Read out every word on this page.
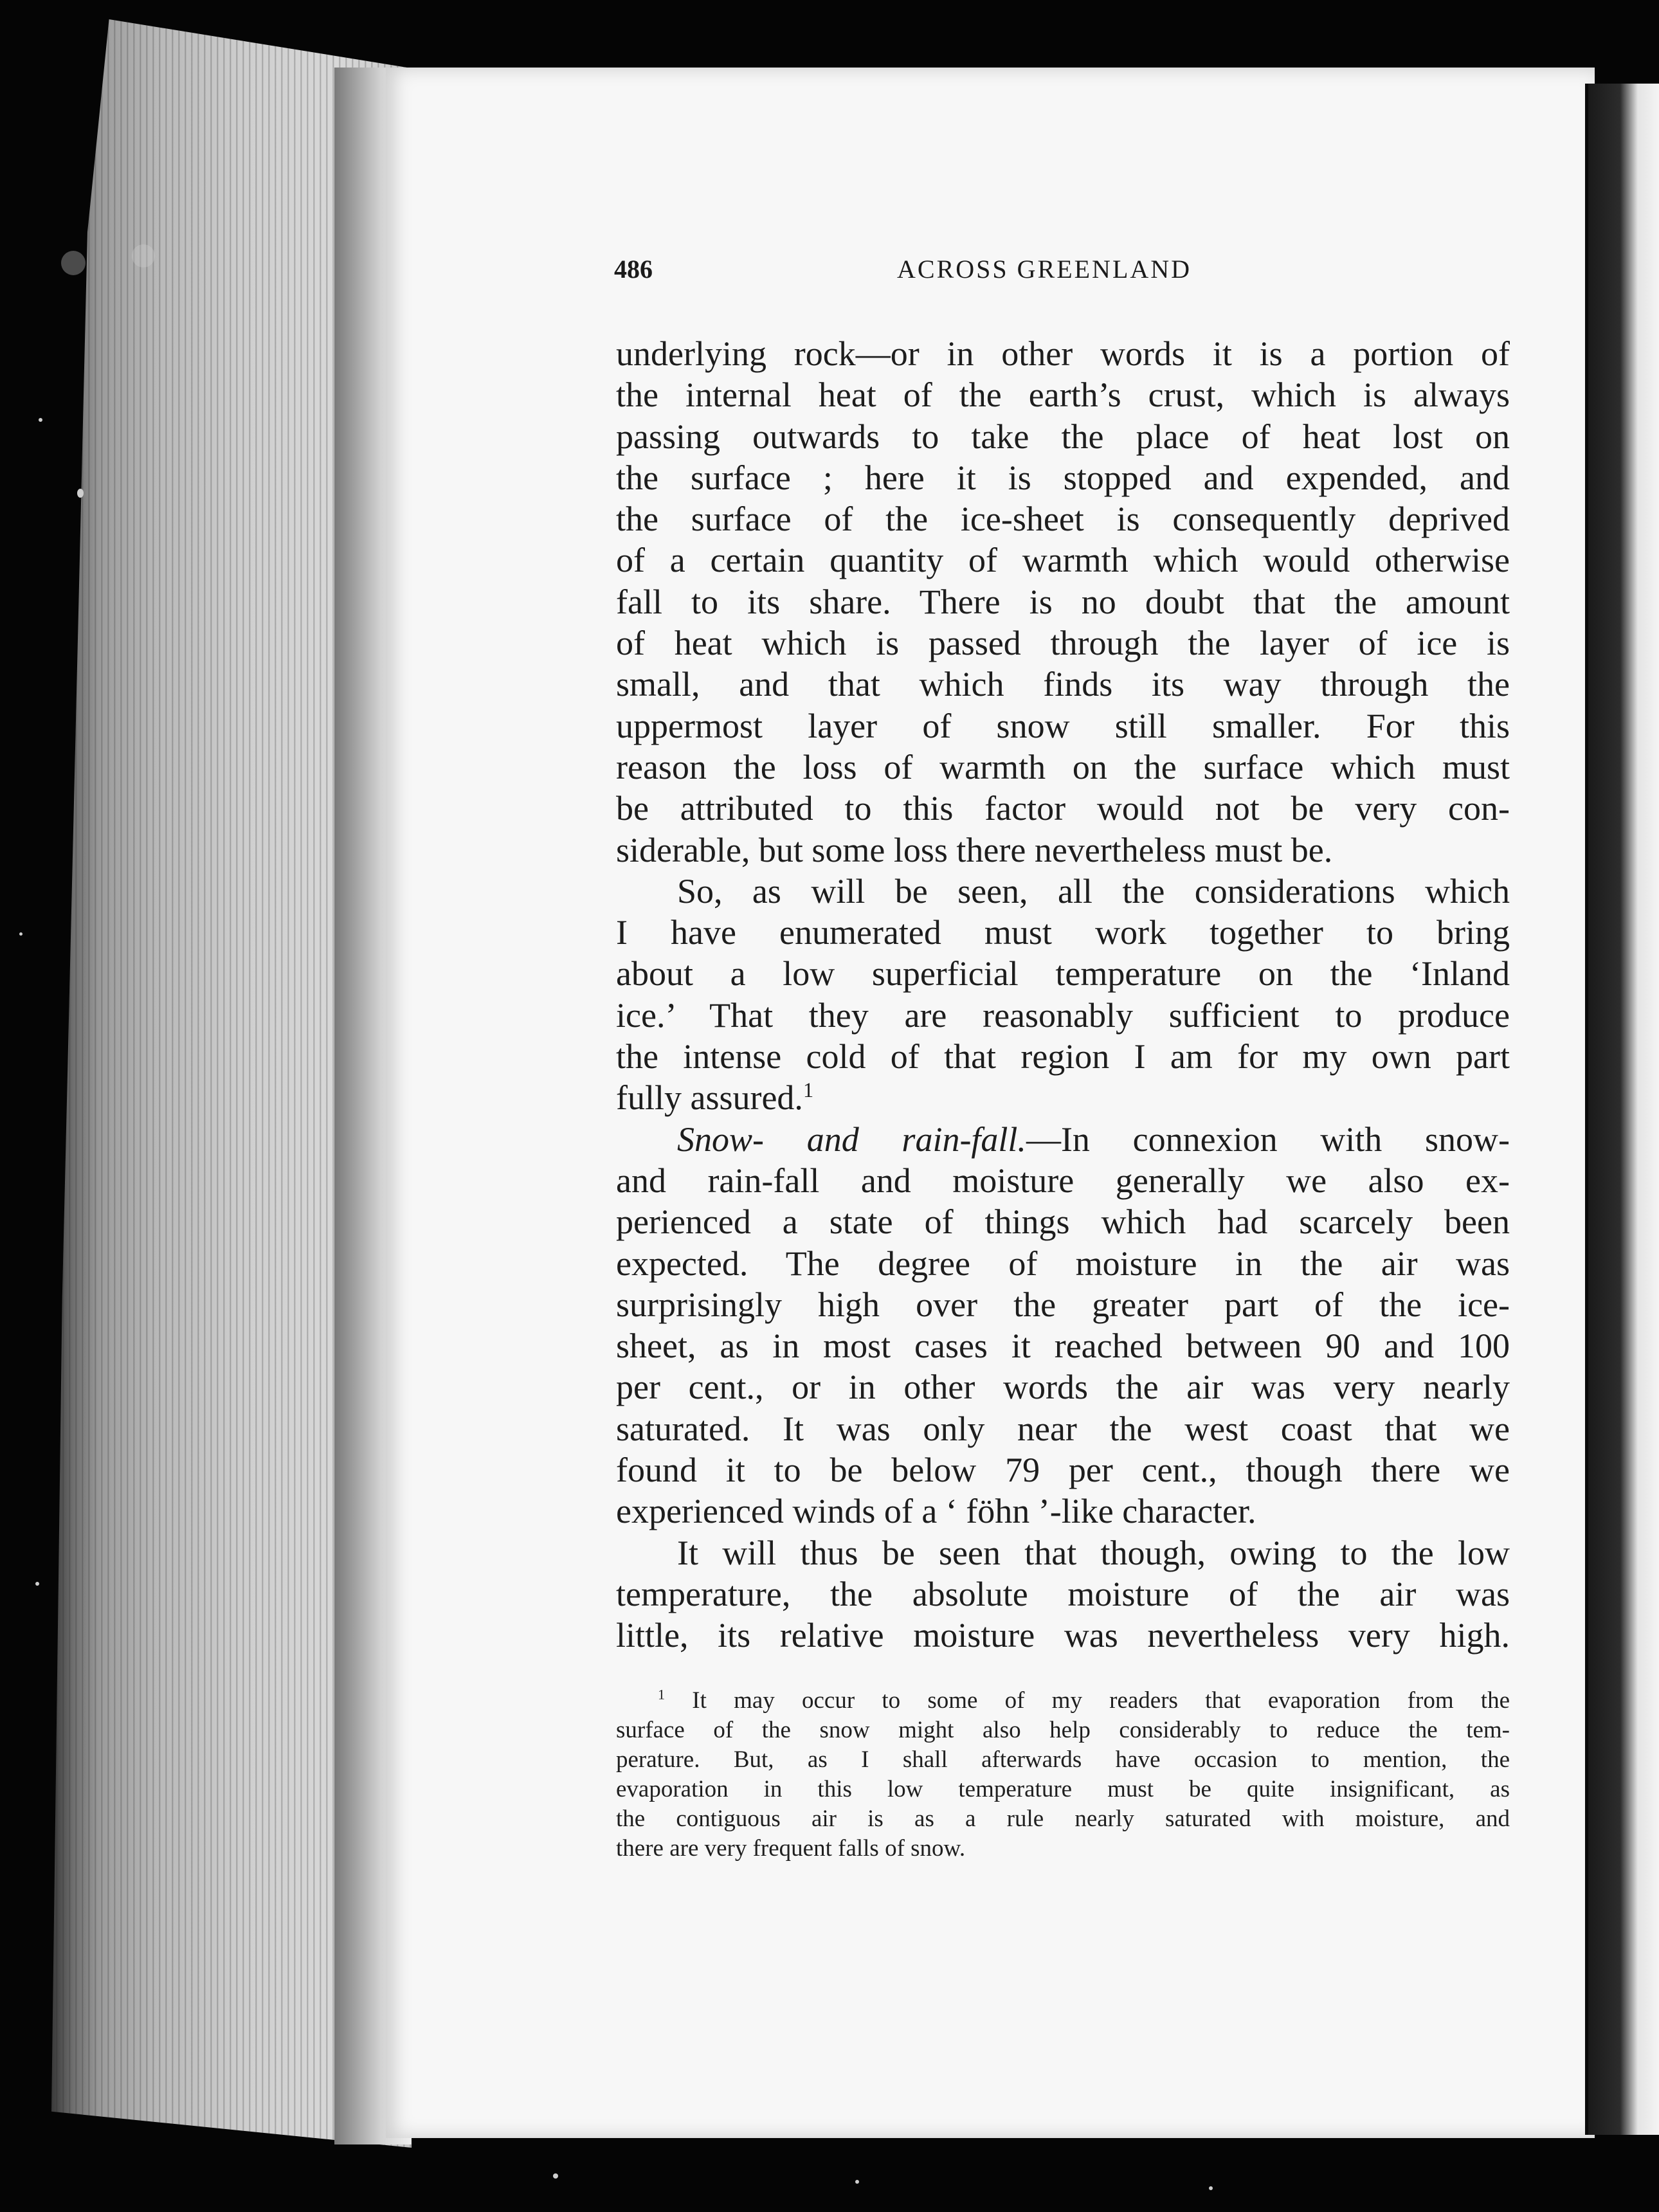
486	ACROSS GREENLAND
underlying rock—or in other words it is a portion of
the internal heat of the earth’s crust, which is always
passing outwards to take the place of heat lost on
the surface ; here it is stopped and expended, and
the surface of the ice-sheet is consequently deprived
of a certain quantity of warmth which would otherwise
fall to its share. There is no doubt that the amount
of heat which is passed through the layer of ice is
small, and that which finds its way through the
uppermost layer of snow still smaller. For this
reason the loss of warmth on the surface which must
be attributed to this factor would not be very con-
siderable, but some loss there nevertheless must be.
So, as will be seen, all the considerations which
I have enumerated must work together to bring
about a low superficial temperature on the ‘Inland
ice.’ That they are reasonably sufficient to produce
the intense cold of that region I am for my own part
fully assured.$^1$
Snow- and rain-fall.—In connexion with snow-
and rain-fall and moisture generally we also ex-
perienced a state of things which had scarcely been
expected. The degree of moisture in the air was
surprisingly high over the greater part of the ice-
sheet, as in most cases it reached between 90 and 100
per cent., or in other words the air was very nearly
saturated. It was only near the west coast that we
found it to be below 79 per cent., though there we
experienced winds of a ‘ föhn ’-like character.
It will thus be seen that though, owing to the low
temperature, the absolute moisture of the air was
little, its relative moisture was nevertheless very high.
$^1$ It may occur to some of my readers that evaporation from the
surface of the snow might also help considerably to reduce the tem-
perature. But, as I shall afterwards have occasion to mention, the
evaporation in this low temperature must be quite insignificant, as
the contiguous air is as a rule nearly saturated with moisture, and
there are very frequent falls of snow.
